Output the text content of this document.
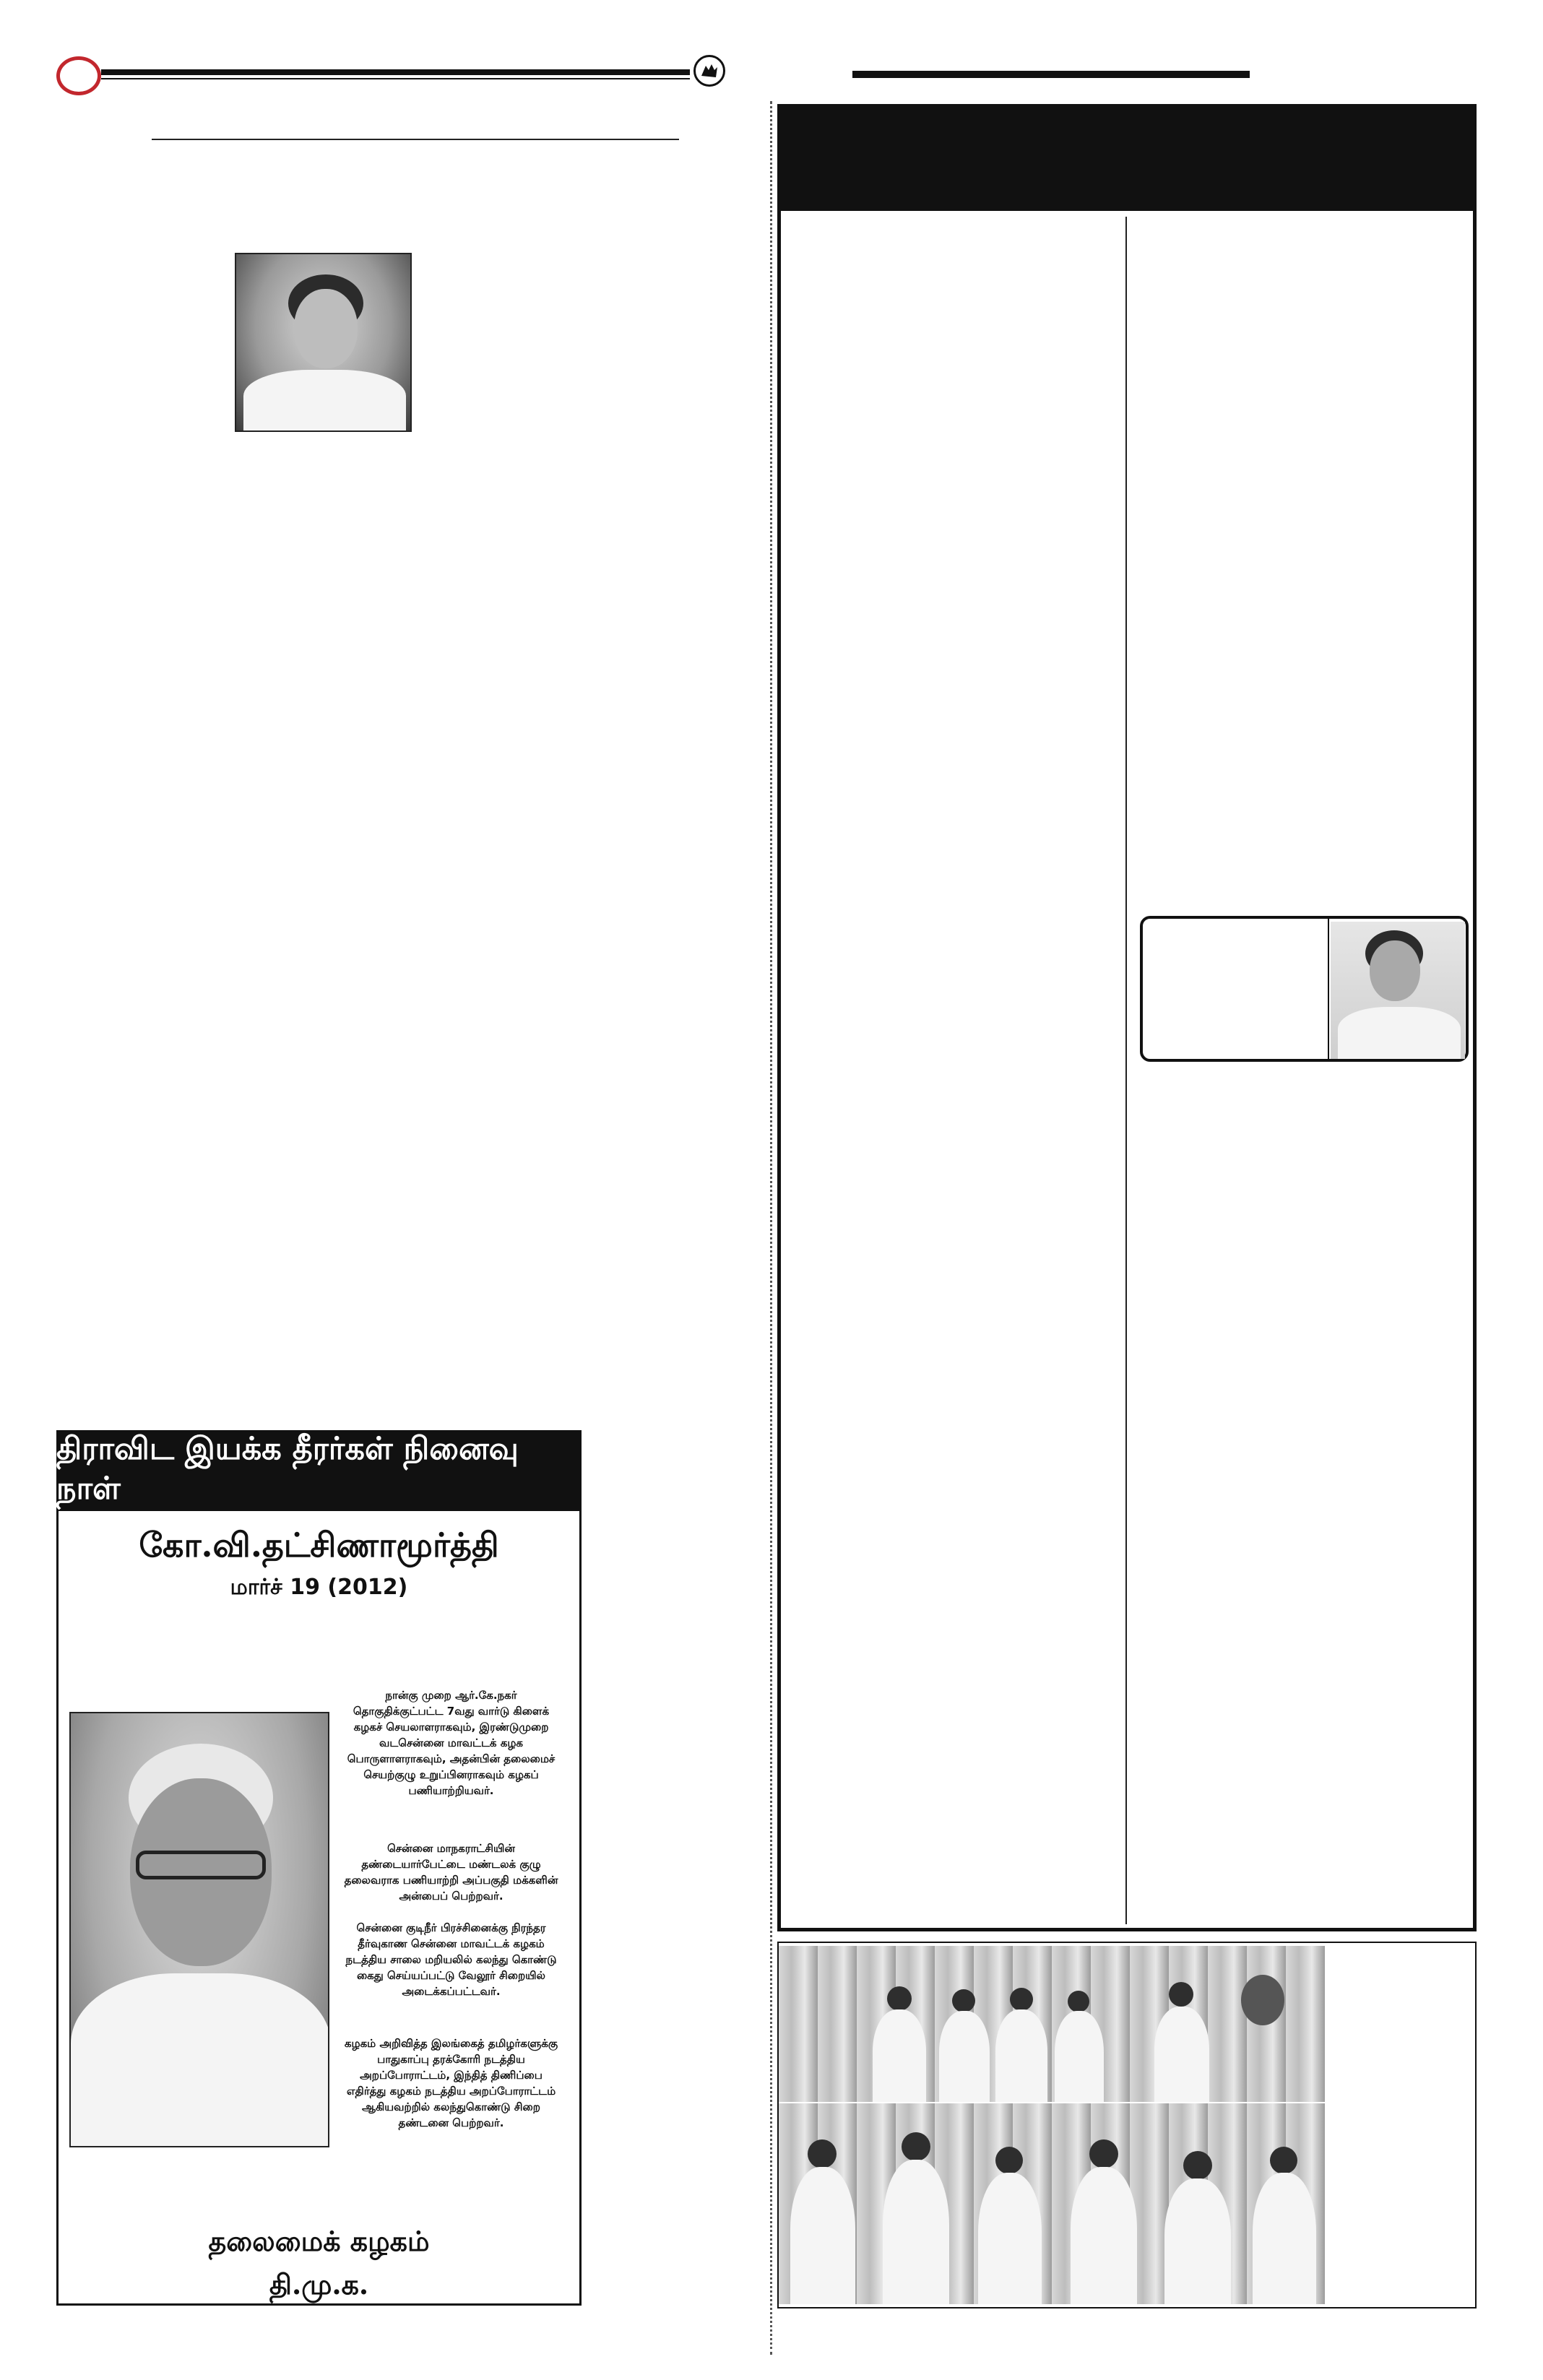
திராவிட இயக்க தீரர்கள் நினைவு நாள்
கோ.வி.தட்சிணாமூர்த்தி
மார்ச் 19 (2012)
நான்கு முறை ஆர்.கே.நகர் தொகுதிக்குட்பட்ட 7வது வார்டு கிளைக் கழகச் செயலாளராகவும், இரண்டுமுறை வடசென்னை மாவட்டக் கழக பொருளாளராகவும், அதன்பின் தலைமைச் செயற்குழு உறுப்பினராகவும் கழகப் பணியாற்றியவர்.
சென்னை மாநகராட்சியின் தண்டையார்பேட்டை மண்டலக் குழு தலைவராக பணியாற்றி அப்பகுதி மக்களின் அன்பைப் பெற்றவர்.
சென்னை குடிநீர் பிரச்சினைக்கு நிரந்தர தீர்வுகாண சென்னை மாவட்டக் கழகம் நடத்திய சாலை மறியலில் கலந்து கொண்டு கைது செய்யப்பட்டு வேலூர் சிறையில் அடைக்கப்பட்டவர்.
கழகம் அறிவித்த இலங்கைத் தமிழர்களுக்கு பாதுகாப்பு தரக்கோரி நடத்திய அறப்போராட்டம், இந்தித் திணிப்பை எதிர்த்து கழகம் நடத்திய அறப்போராட்டம் ஆகியவற்றில் கலந்துகொண்டு சிறை தண்டனை பெற்றவர்.
தலைமைக் கழகம்
தி.மு.க.
